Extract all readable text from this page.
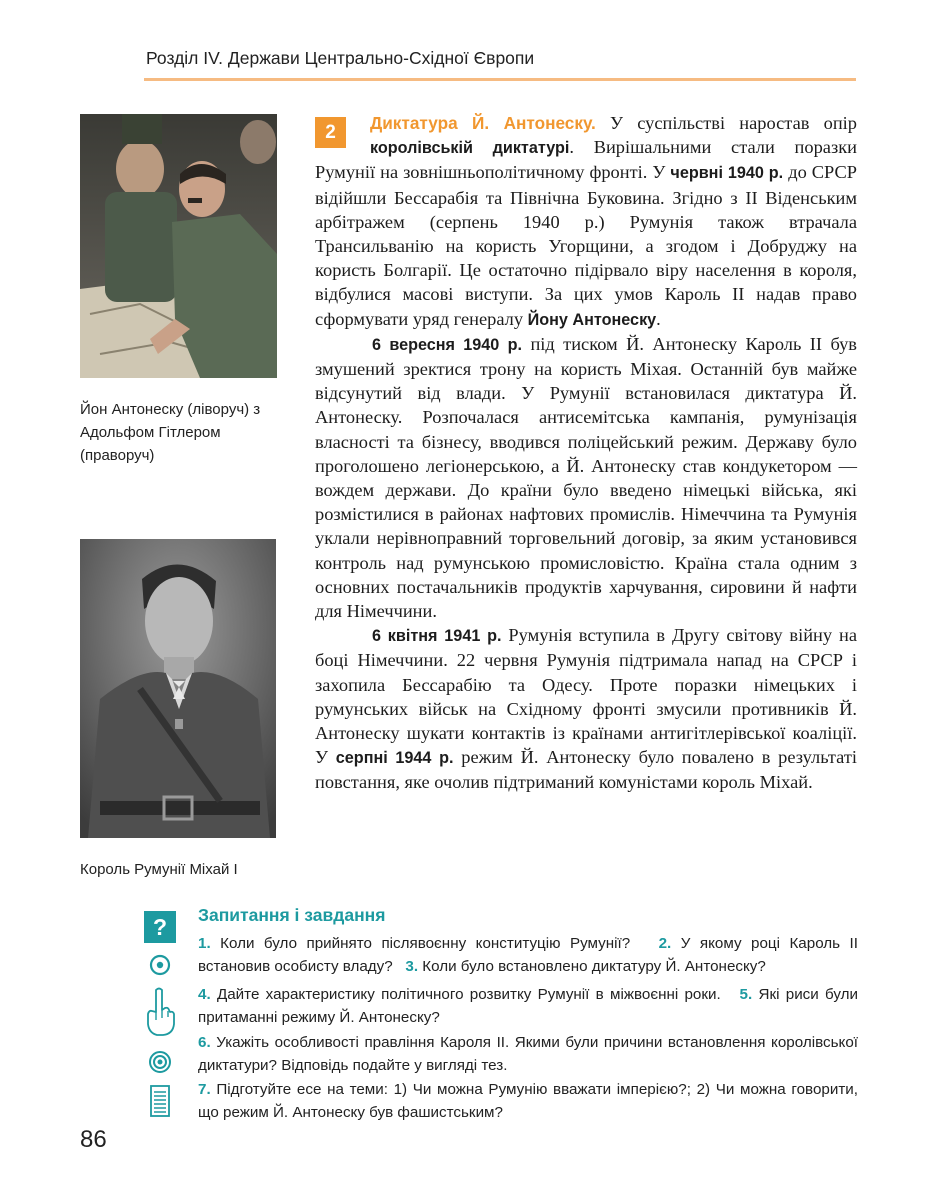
Розділ IV. Держави Центрально-Східної Європи
Йон Антонеску (ліворуч) з Адольфом Гітлером (праворуч)
Король Румунії Міхай I

2	Диктатура Й. Антонеску. У суспільстві наростав опір королівській диктатурі. Вирішальними стали поразки Румунії на зовнішньополітичному фронті. У червні 1940 р. до СРСР відійшли Бессарабія та Північна Буковина. Згідно з II Віденським арбітражем (серпень 1940 р.) Румунія також втрачала Трансильванію на користь Угорщини, а згодом і Добруджу на користь Болгарії. Це остаточно підірвало віру населення в короля, відбулися масові виступи. За цих умов Кароль II надав право сформувати уряд генералу Йону Антонеску.

6 вересня 1940 р. під тиском Й. Антонеску Кароль II був змушений зректися трону на користь Міхая. Останній був майже відсунутий від влади. У Румунії встановилася диктатура Й. Антонеску. Розпочалася антисемітська кампанія, румунізація власності та бізнесу, вводився поліцейський режим. Державу було проголошено легіонерською, а Й. Антонеску став кондукетором — вождем держави. До країни було введено німецькі війська, які розмістилися в районах нафтових промислів. Німеччина та Румунія уклали нерівноправний торговельний договір, за яким установився контроль над румунською промисловістю. Країна стала одним з основних постачальників продуктів харчування, сировини й нафти для Німеччини.

6 квітня 1941 р. Румунія вступила в Другу світову війну на боці Німеччини. 22 червня Румунія підтримала напад на СРСР і захопила Бессарабію та Одесу. Проте поразки німецьких і румунських військ на Східному фронті змусили противників Й. Антонеску шукати контактів із країнами антигітлерівської коаліції. У серпні 1944 р. режим Й. Антонеску було повалено в результаті повстання, яке очолив підтриманий комуністами король Міхай.

?	Запитання і завдання
1. Коли було прийнято післявоєнну конституцію Румунії? 2. У якому році Кароль II встановив особисту владу? 3. Коли було встановлено диктатуру Й. Антонеску?
4. Дайте характеристику політичного розвитку Румунії в міжвоєнні роки. 5. Які риси були притаманні режиму Й. Антонеску?
6. Укажіть особливості правління Кароля II. Якими були причини встановлення королівської диктатури? Відповідь подайте у вигляді тез.
7. Підготуйте есе на теми: 1) Чи можна Румунію вважати імперією?; 2) Чи можна говорити, що режим Й. Антонеску був фашистським?
86
